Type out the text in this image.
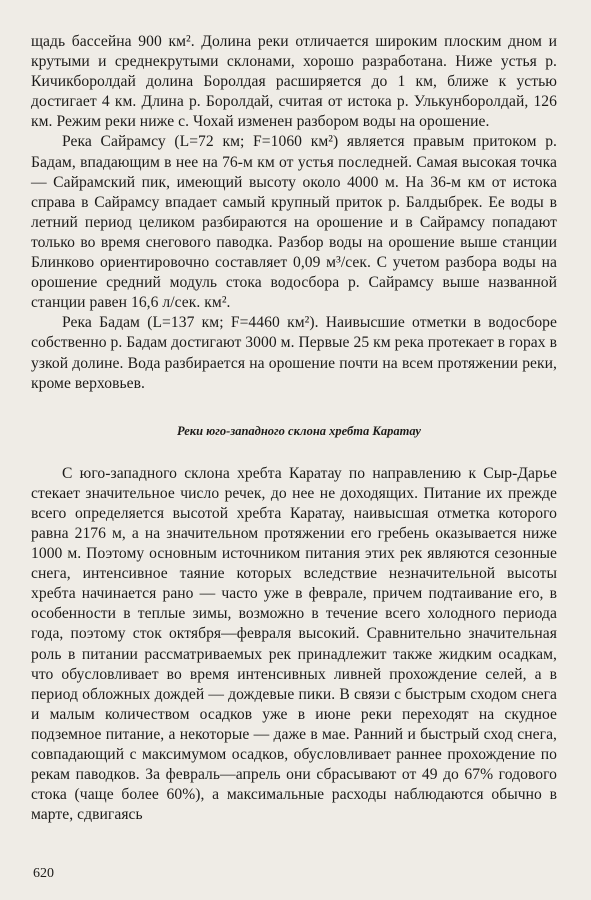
щадь бассейна 900 км². Долина реки отличается широким плоским дном и крутыми и среднекрутыми склонами, хорошо разработана. Ниже устья р. Кичикборолдай долина Боролдая расширяется до 1 км, ближе к устью достигает 4 км. Длина р. Боролдай, считая от истока р. Улькунборолдай, 126 км. Режим реки ниже с. Чохай изменен разбором воды на орошение.

Река Сайрамсу (L=72 км; F=1060 км²) является правым притоком р. Бадам, впадающим в нее на 76-м км от устья последней. Самая высокая точка — Сайрамский пик, имеющий высоту около 4000 м. На 36-м км от истока справа в Сайрамсу впадает самый крупный приток р. Балдыбрек. Ее воды в летний период целиком разбираются на орошение и в Сайрамсу попадают только во время снегового паводка. Разбор воды на орошение выше станции Блинково ориентировочно составляет 0,09 м³/сек. С учетом разбора воды на орошение средний модуль стока водосбора р. Сайрамсу выше названной станции равен 16,6 л/сек. км².

Река Бадам (L=137 км; F=4460 км²). Наивысшие отметки в водосборе собственно р. Бадам достигают 3000 м. Первые 25 км река протекает в горах в узкой долине. Вода разбирается на орошение почти на всем протяжении реки, кроме верховьев.

Реки юго-западного склона хребта Каратау

С юго-западного склона хребта Каратау по направлению к Сыр-Дарье стекает значительное число речек, до нее не доходящих. Питание их прежде всего определяется высотой хребта Каратау, наивысшая отметка которого равна 2176 м, а на значительном протяжении его гребень оказывается ниже 1000 м. Поэтому основным источником питания этих рек являются сезонные снега, интенсивное таяние которых вследствие незначительной высоты хребта начинается рано — часто уже в феврале, причем подтаивание его, в особенности в теплые зимы, возможно в течение всего холодного периода года, поэтому сток октября—февраля высокий. Сравнительно значительная роль в питании рассматриваемых рек принадлежит также жидким осадкам, что обусловливает во время интенсивных ливней прохождение селей, а в период обложных дождей — дождевые пики. В связи с быстрым сходом снега и малым количеством осадков уже в июне реки переходят на скудное подземное питание, а некоторые — даже в мае. Ранний и быстрый сход снега, совпадающий с максимумом осадков, обусловливает раннее прохождение по рекам паводков. За февраль—апрель они сбрасывают от 49 до 67% годового стока (чаще более 60%), а максимальные расходы наблюдаются обычно в марте, сдвигаясь

620
